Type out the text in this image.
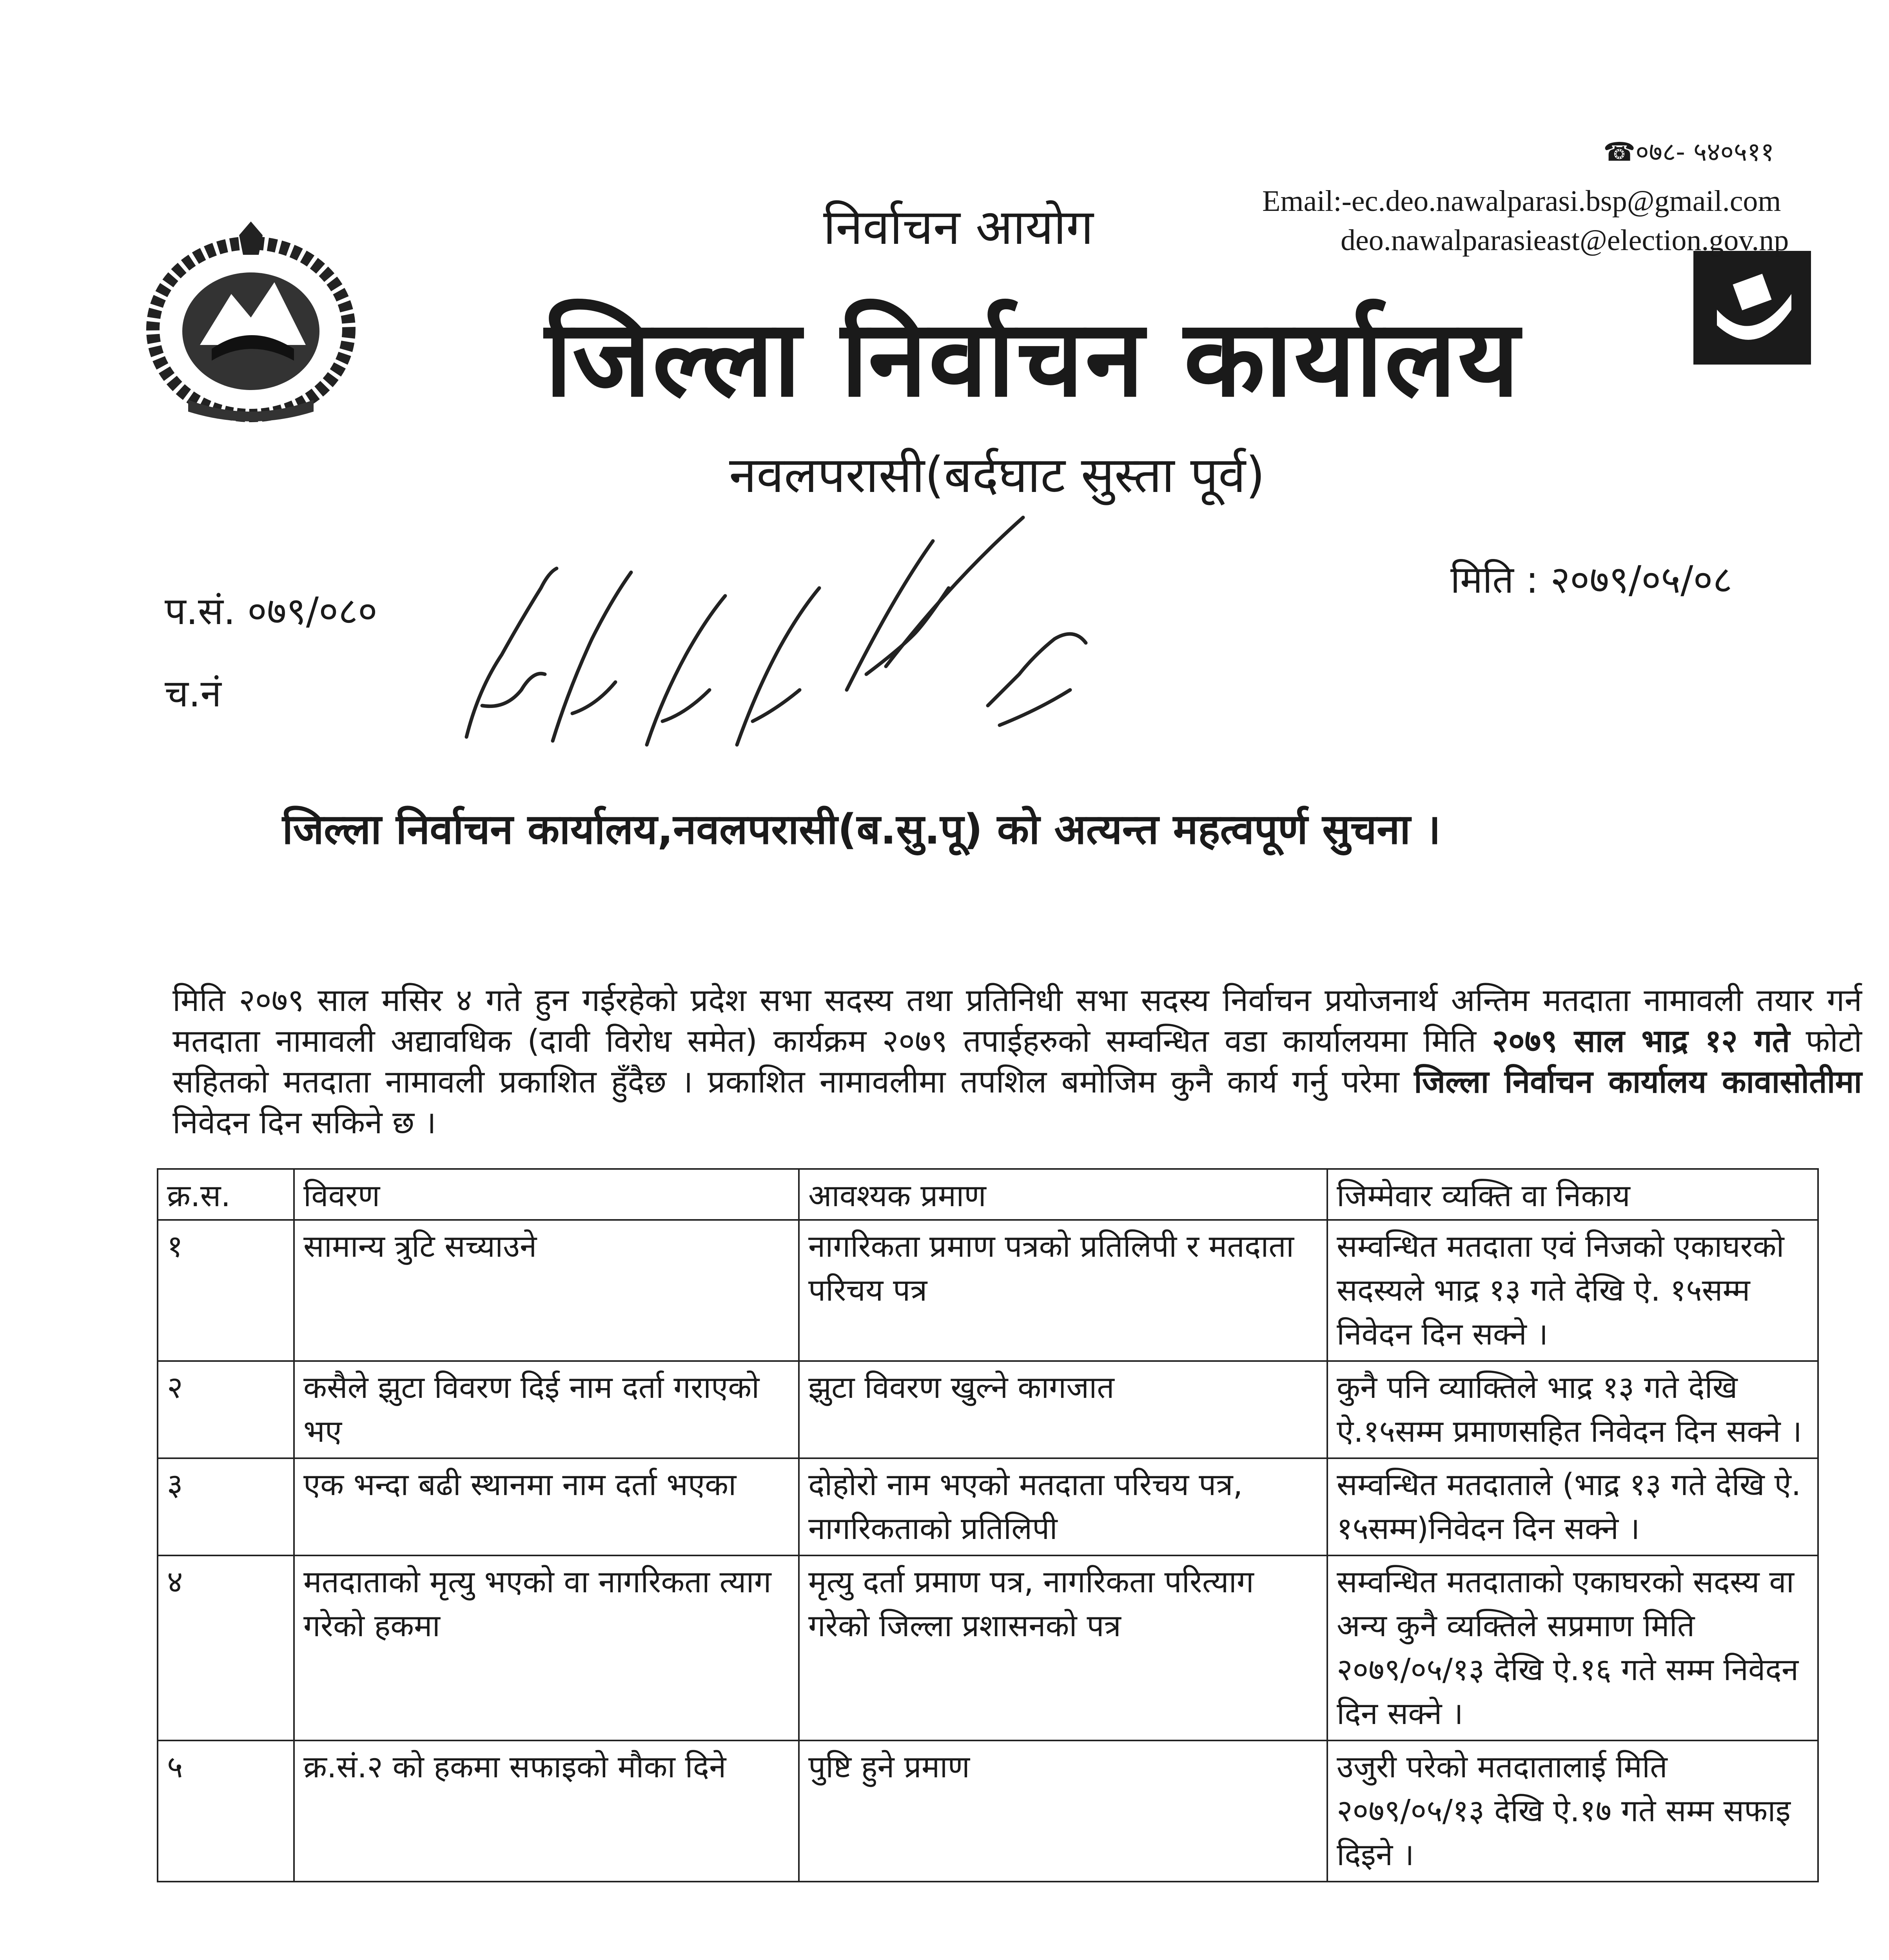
☎०७८- ५४०५११
Email:-ec.deo.nawalparasi.bsp@gmail.com
deo.nawalparasieast@election.gov.np
निर्वाचन आयोग
जिल्ला निर्वाचन कार्यालय
नवलपरासी(बर्दघाट सुस्ता पूर्व)
मिति : २०७९/०५/०८
प.सं. ०७९/०८०
च.नं
जिल्ला निर्वाचन कार्यालय,नवलपरासी(ब.सु.पू) को अत्यन्त महत्वपूर्ण सुचना ।
मिति २०७९ साल मसिर ४ गते हुन गईरहेको प्रदेश सभा सदस्य तथा प्रतिनिधी सभा सदस्य निर्वाचन प्रयोजनार्थ अन्तिम मतदाता नामावली तयार गर्न मतदाता नामावली अद्यावधिक (दावी विरोध समेत) कार्यक्रम २०७९ तपाईहरुको सम्वन्धित वडा कार्यालयमा मिति २०७९ साल भाद्र १२ गते फोटो सहितको मतदाता नामावली प्रकाशित हुँदैछ । प्रकाशित नामावलीमा तपशिल बमोजिम कुनै कार्य गर्नु परेमा जिल्ला निर्वाचन कार्यालय कावासोतीमा निवेदन दिन सकिने छ ।
क्र.स.	विवरण	आवश्यक प्रमाण	जिम्मेवार व्यक्ति वा निकाय
१	सामान्य त्रुटि सच्याउने	नागरिकता प्रमाण पत्रको प्रतिलिपी र मतदाता परिचय पत्र	सम्वन्धित मतदाता एवं निजको एकाघरको सदस्यले भाद्र १३ गते देखि ऐ. १५सम्म निवेदन दिन सक्ने ।
२	कसैले झुटा विवरण दिई नाम दर्ता गराएको भए	झुटा विवरण खुल्ने कागजात	कुनै पनि व्याक्तिले भाद्र १३ गते देखि ऐ.१५सम्म प्रमाणसहित निवेदन दिन सक्ने ।
३	एक भन्दा बढी स्थानमा नाम दर्ता भएका	दोहोरो नाम भएको मतदाता परिचय पत्र, नागरिकताको प्रतिलिपी	सम्वन्धित मतदाताले (भाद्र १३ गते देखि ऐ. १५सम्म)निवेदन दिन सक्ने ।
४	मतदाताको मृत्यु भएको वा नागरिकता त्याग गरेको हकमा	मृत्यु दर्ता प्रमाण पत्र, नागरिकता परित्याग गरेको जिल्ला प्रशासनको पत्र	सम्वन्धित मतदाताको एकाघरको सदस्य वा अन्य कुनै व्यक्तिले सप्रमाण मिति २०७९/०५/१३ देखि ऐ.१६ गते सम्म निवेदन दिन सक्ने ।
५	क्र.सं.२ को हकमा सफाइको मौका दिने	पुष्टि हुने प्रमाण	उजुरी परेको मतदातालाई मिति २०७९/०५/१३ देखि ऐ.१७ गते सम्म सफाइ दिइने ।
